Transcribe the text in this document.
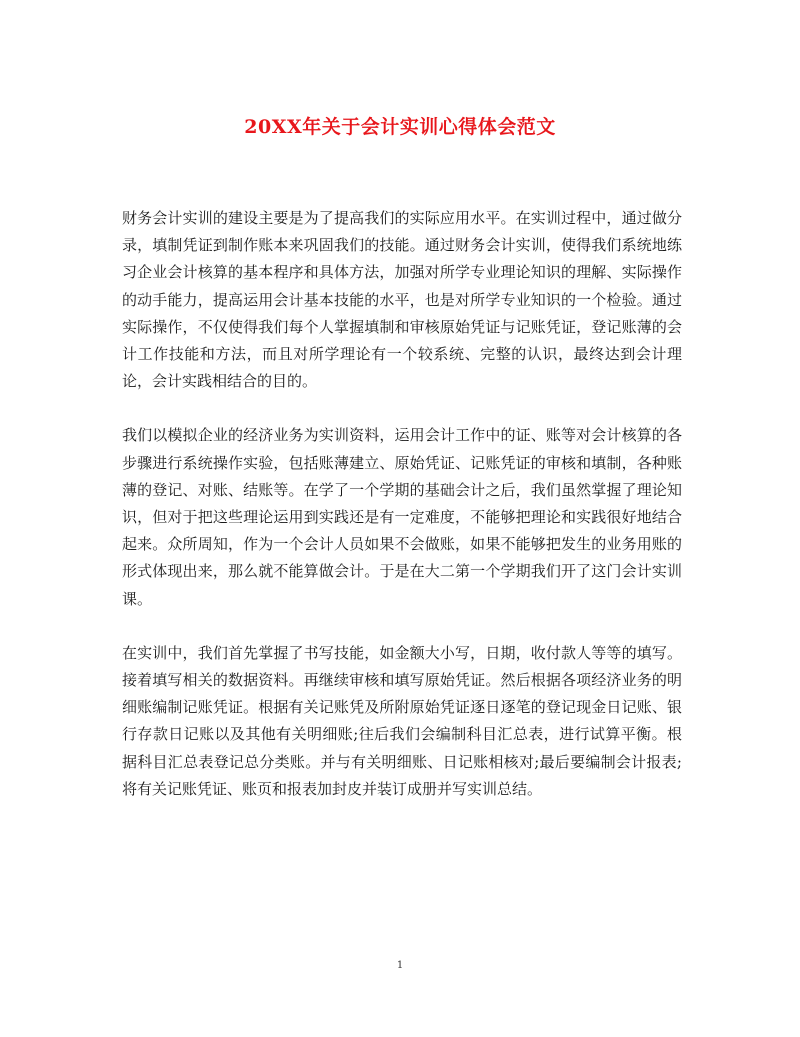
20XX年关于会计实训心得体会范文

财务会计实训的建设主要是为了提高我们的实际应用水平。在实训过程中，通过做分录，填制凭证到制作账本来巩固我们的技能。通过财务会计实训，使得我们系统地练习企业会计核算的基本程序和具体方法，加强对所学专业理论知识的理解、实际操作的动手能力，提高运用会计基本技能的水平，也是对所学专业知识的一个检验。通过实际操作，不仅使得我们每个人掌握填制和审核原始凭证与记账凭证，登记账薄的会计工作技能和方法，而且对所学理论有一个较系统、完整的认识，最终达到会计理论，会计实践相结合的目的。

我们以模拟企业的经济业务为实训资料，运用会计工作中的证、账等对会计核算的各步骤进行系统操作实验，包括账薄建立、原始凭证、记账凭证的审核和填制，各种账薄的登记、对账、结账等。在学了一个学期的基础会计之后，我们虽然掌握了理论知识，但对于把这些理论运用到实践还是有一定难度，不能够把理论和实践很好地结合起来。众所周知，作为一个会计人员如果不会做账，如果不能够把发生的业务用账的形式体现出来，那么就不能算做会计。于是在大二第一个学期我们开了这门会计实训课。

在实训中，我们首先掌握了书写技能，如金额大小写，日期，收付款人等等的填写。接着填写相关的数据资料。再继续审核和填写原始凭证。然后根据各项经济业务的明细账编制记账凭证。根据有关记账凭及所附原始凭证逐日逐笔的登记现金日记账、银行存款日记账以及其他有关明细账;往后我们会编制科目汇总表，进行试算平衡。根据科目汇总表登记总分类账。并与有关明细账、日记账相核对;最后要编制会计报表;将有关记账凭证、账页和报表加封皮并装订成册并写实训总结。

1
